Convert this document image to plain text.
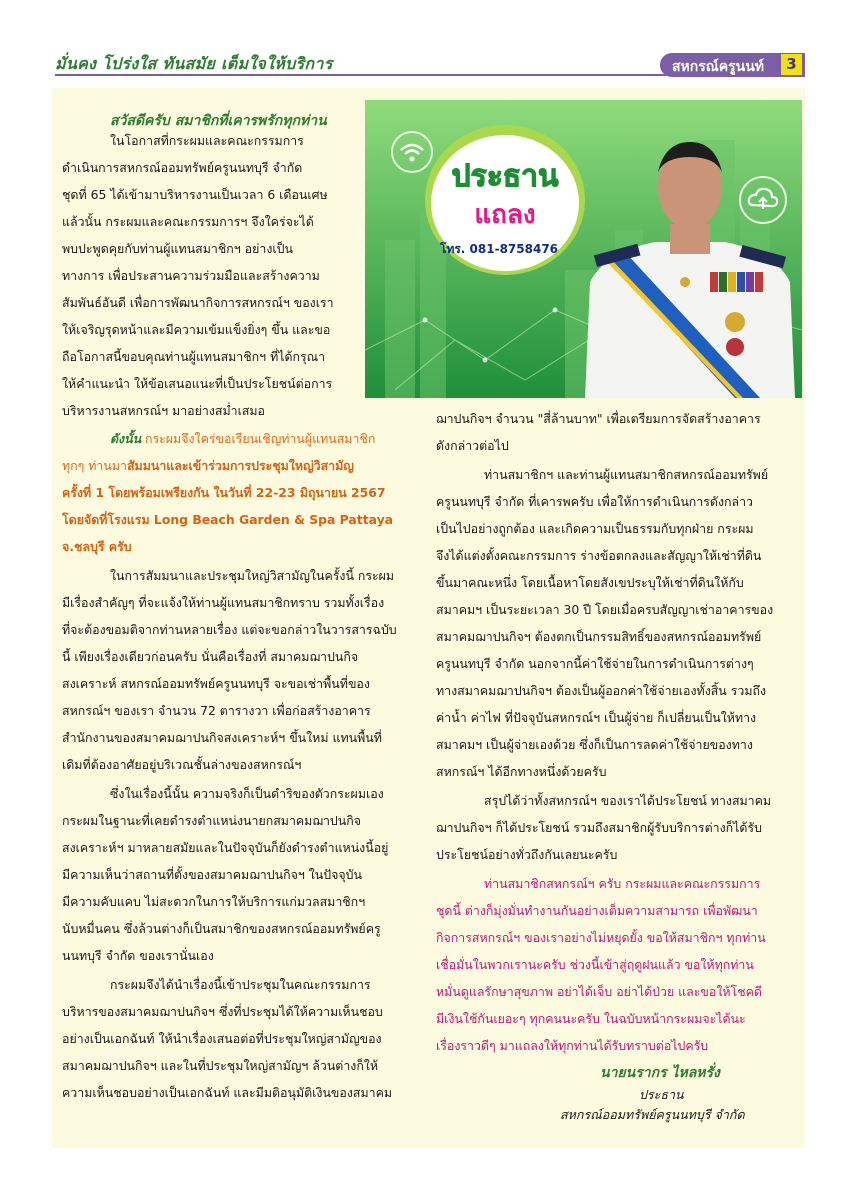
มั่นคง โปร่งใส ทันสมัย เต็มใจให้บริการ	สหกรณ์ครูนนท์	3
ประธาน
แถลง
โทร. 081-8758476
สวัสดีครับ สมาชิกที่เคารพรักทุกท่าน
ในโอกาสที่กระผมและคณะกรรมการ
ดำเนินการสหกรณ์ออมทรัพย์ครูนนทบุรี จำกัด
ชุดที่ 65 ได้เข้ามาบริหารงานเป็นเวลา 6 เดือนเศษ
แล้วนั้น กระผมและคณะกรรมการฯ จึงใคร่จะได้
พบปะพูดคุยกับท่านผู้แทนสมาชิกฯ อย่างเป็น
ทางการ เพื่อประสานความร่วมมือและสร้างความ
สัมพันธ์อันดี เพื่อการพัฒนากิจการสหกรณ์ฯ ของเรา
ให้เจริญรุดหน้าและมีความเข้มแข็งยิ่งๆ ขึ้น และขอ
ถือโอกาสนี้ขอบคุณท่านผู้แทนสมาชิกฯ ที่ได้กรุณา
ให้คำแนะนำ ให้ข้อเสนอแนะที่เป็นประโยชน์ต่อการ
บริหารงานสหกรณ์ฯ มาอย่างสม่ำเสมอ
ดังนั้น กระผมจึงใคร่ขอเรียนเชิญท่านผู้แทนสมาชิก
ทุกๆ ท่านมาสัมมนาและเข้าร่วมการประชุมใหญ่วิสามัญ
ครั้งที่ 1 โดยพร้อมเพรียงกัน ในวันที่ 22-23 มิถุนายน 2567
โดยจัดที่โรงแรม Long Beach Garden & Spa Pattaya
จ.ชลบุรี ครับ
ในการสัมมนาและประชุมใหญ่วิสามัญในครั้งนี้ กระผม
มีเรื่องสำคัญๆ ที่จะแจ้งให้ท่านผู้แทนสมาชิกทราบ รวมทั้งเรื่อง
ที่จะต้องขอมติจากท่านหลายเรื่อง แต่จะขอกล่าวในวารสารฉบับ
นี้ เพียงเรื่องเดียวก่อนครับ นั่นคือเรื่องที่ สมาคมฌาปนกิจ
สงเคราะห์ สหกรณ์ออมทรัพย์ครูนนทบุรี จะขอเช่าพื้นที่ของ
สหกรณ์ฯ ของเรา จำนวน 72 ตารางวา เพื่อก่อสร้างอาคาร
สำนักงานของสมาคมฌาปนกิจสงเคราะห์ฯ ขึ้นใหม่ แทนพื้นที่
เดิมที่ต้องอาศัยอยู่บริเวณชั้นล่างของสหกรณ์ฯ
ซึ่งในเรื่องนี้นั้น ความจริงก็เป็นดำริของตัวกระผมเอง
กระผมในฐานะที่เคยดำรงตำแหน่งนายกสมาคมฌาปนกิจ
สงเคราะห์ฯ มาหลายสมัยและในปัจจุบันก็ยังดำรงตำแหน่งนี้อยู่
มีความเห็นว่าสถานที่ตั้งของสมาคมฌาปนกิจฯ ในปัจจุบัน
มีความคับแคบ ไม่สะดวกในการให้บริการแก่มวลสมาชิกฯ
นับหมื่นคน ซึ่งล้วนต่างก็เป็นสมาชิกของสหกรณ์ออมทรัพย์ครู
นนทบุรี จำกัด ของเรานั่นเอง
กระผมจึงได้นำเรื่องนี้เข้าประชุมในคณะกรรมการ
บริหารของสมาคมฌาปนกิจฯ ซึ่งที่ประชุมได้ให้ความเห็นชอบ
อย่างเป็นเอกฉันท์ ให้นำเรื่องเสนอต่อที่ประชุมใหญ่สามัญของ
สมาคมฌาปนกิจฯ และในที่ประชุมใหญ่สามัญฯ ล้วนต่างก็ให้
ความเห็นชอบอย่างเป็นเอกฉันท์ และมีมติอนุมัติเงินของสมาคม
ฌาปนกิจฯ จำนวน "สี่ล้านบาท" เพื่อเตรียมการจัดสร้างอาคาร
ดังกล่าวต่อไป
ท่านสมาชิกฯ และท่านผู้แทนสมาชิกสหกรณ์ออมทรัพย์
ครูนนทบุรี จำกัด ที่เคารพครับ เพื่อให้การดำเนินการดังกล่าว
เป็นไปอย่างถูกต้อง และเกิดความเป็นธรรมกับทุกฝ่าย กระผม
จึงได้แต่งตั้งคณะกรรมการ ร่างข้อตกลงและสัญญาให้เช่าที่ดิน
ขึ้นมาคณะหนึ่ง โดยเนื้อหาโดยสังเขประบุให้เช่าที่ดินให้กับ
สมาคมฯ เป็นระยะเวลา 30 ปี โดยเมื่อครบสัญญาเช่าอาคารของ
สมาคมฌาปนกิจฯ ต้องตกเป็นกรรมสิทธิ์ของสหกรณ์ออมทรัพย์
ครูนนทบุรี จำกัด นอกจากนี้ค่าใช้จ่ายในการดำเนินการต่างๆ
ทางสมาคมฌาปนกิจฯ ต้องเป็นผู้ออกค่าใช้จ่ายเองทั้งสิ้น รวมถึง
ค่าน้ำ ค่าไฟ ที่ปัจจุบันสหกรณ์ฯ เป็นผู้จ่าย ก็เปลี่ยนเป็นให้ทาง
สมาคมฯ เป็นผู้จ่ายเองด้วย ซึ่งก็เป็นการลดค่าใช้จ่ายของทาง
สหกรณ์ฯ ได้อีกทางหนึ่งด้วยครับ
สรุปได้ว่าทั้งสหกรณ์ฯ ของเราได้ประโยชน์ ทางสมาคม
ฌาปนกิจฯ ก็ได้ประโยชน์ รวมถึงสมาชิกผู้รับบริการต่างก็ได้รับ
ประโยชน์อย่างทั่วถึงกันเลยนะครับ
ท่านสมาชิกสหกรณ์ฯ ครับ กระผมและคณะกรรมการ
ชุดนี้ ต่างก็มุ่งมั่นทำงานกันอย่างเต็มความสามารถ เพื่อพัฒนา
กิจการสหกรณ์ฯ ของเราอย่างไม่หยุดยั้ง ขอให้สมาชิกฯ ทุกท่าน
เชื่อมั่นในพวกเรานะครับ ช่วงนี้เข้าสู่ฤดูฝนแล้ว ขอให้ทุกท่าน
หมั่นดูแลรักษาสุขภาพ อย่าได้เจ็บ อย่าได้ป่วย และขอให้โชคดี
มีเงินใช้กันเยอะๆ ทุกคนนะครับ ในฉบับหน้ากระผมจะได้นะ
เรื่องราวดีๆ มาแถลงให้ทุกท่านได้รับทราบต่อไปครับ
นายนรากร ไหลหรั่ง
ประธาน
สหกรณ์ออมทรัพย์ครูนนทบุรี จำกัด
